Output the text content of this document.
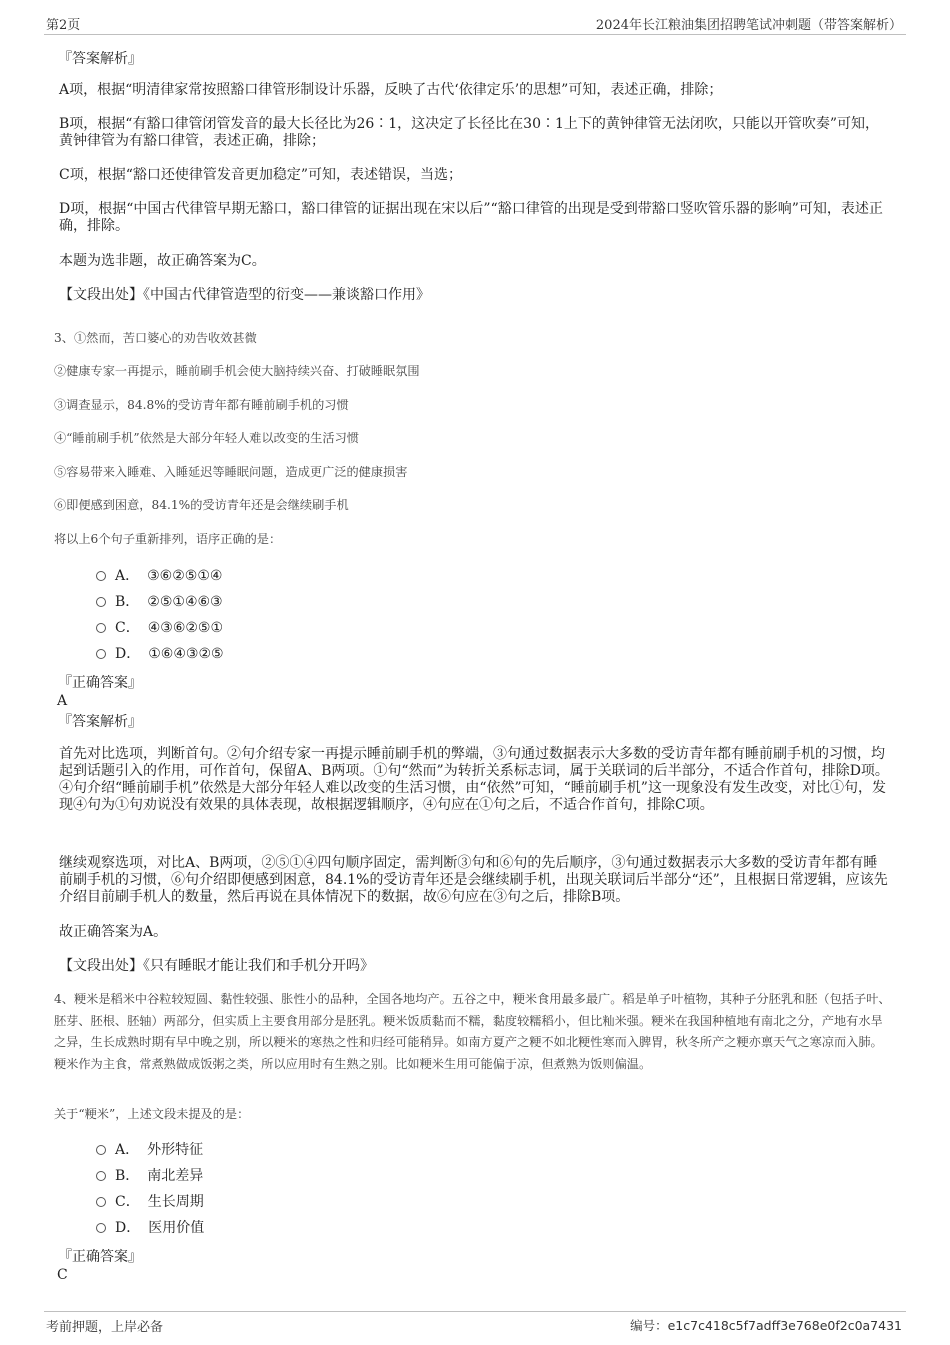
第2页	2024年长江粮油集团招聘笔试冲刺题（带答案解析）
『答案解析』

A项，根据“明清律家常按照豁口律管形制设计乐器，反映了古代‘依律定乐’的思想”可知，表述正确，排除；

B项，根据“有豁口律管闭管发音的最大长径比为26∶1，这决定了长径比在30∶1上下的黄钟律管无法闭吹，只能以开管吹奏”可知，黄钟律管为有豁口律管，表述正确，排除；

C项，根据“豁口还使律管发音更加稳定”可知，表述错误，当选；

D项，根据“中国古代律管早期无豁口，豁口律管的证据出现在宋以后”“豁口律管的出现是受到带豁口竖吹管乐器的影响”可知，表述正确，排除。

本题为选非题，故正确答案为C。

【文段出处】《中国古代律管造型的衍变——兼谈豁口作用》

3、①然而，苦口婆心的劝告收效甚微

②健康专家一再提示，睡前刷手机会使大脑持续兴奋、打破睡眠氛围

③调查显示，84.8%的受访青年都有睡前刷手机的习惯

④“睡前刷手机”依然是大部分年轻人难以改变的生活习惯

⑤容易带来入睡难、入睡延迟等睡眠问题，造成更广泛的健康损害

⑥即便感到困意，84.1%的受访青年还是会继续刷手机

将以上6个句子重新排列，语序正确的是：

A． ③⑥②⑤①④
B． ②⑤①④⑥③
C． ④③⑥②⑤①
D． ①⑥④③②⑤
『正确答案』
A
『答案解析』

首先对比选项，判断首句。②句介绍专家一再提示睡前刷手机的弊端，③句通过数据表示大多数的受访青年都有睡前刷手机的习惯，均起到话题引入的作用，可作首句，保留A、B两项。①句“然而”为转折关系标志词，属于关联词的后半部分，不适合作首句，排除D项。④句介绍“睡前刷手机”依然是大部分年轻人难以改变的生活习惯，由“依然”可知，“睡前刷手机”这一现象没有发生改变，对比①句，发现④句为①句劝说没有效果的具体表现，故根据逻辑顺序，④句应在①句之后，不适合作首句，排除C项。

继续观察选项，对比A、B两项，②⑤①④四句顺序固定，需判断③句和⑥句的先后顺序，③句通过数据表示大多数的受访青年都有睡前刷手机的习惯，⑥句介绍即便感到困意，84.1%的受访青年还是会继续刷手机，出现关联词后半部分“还”，且根据日常逻辑，应该先介绍目前刷手机人的数量，然后再说在具体情况下的数据，故⑥句应在③句之后，排除B项。

故正确答案为A。

【文段出处】《只有睡眠才能让我们和手机分开吗》

4、粳米是稻米中谷粒较短圆、黏性较强、胀性小的品种，全国各地均产。五谷之中，粳米食用最多最广。稻是单子叶植物，其种子分胚乳和胚（包括子叶、胚芽、胚根、胚轴）两部分，但实质上主要食用部分是胚乳。粳米饭质黏而不糯，黏度较糯稻小，但比籼米强。粳米在我国种植地有南北之分，产地有水旱之异，生长成熟时期有早中晚之别，所以粳米的寒热之性和归经可能稍异。如南方夏产之粳不如北粳性寒而入脾胃，秋冬所产之粳亦禀天气之寒凉而入肺。粳米作为主食，常煮熟做成饭粥之类，所以应用时有生熟之别。比如粳米生用可能偏于凉，但煮熟为饭则偏温。

关于“粳米”，上述文段未提及的是：

A． 外形特征
B． 南北差异
C． 生长周期
D． 医用价值
『正确答案』
C
考前押题，上岸必备	编号：e1c7c418c5f7adff3e768e0f2c0a7431
